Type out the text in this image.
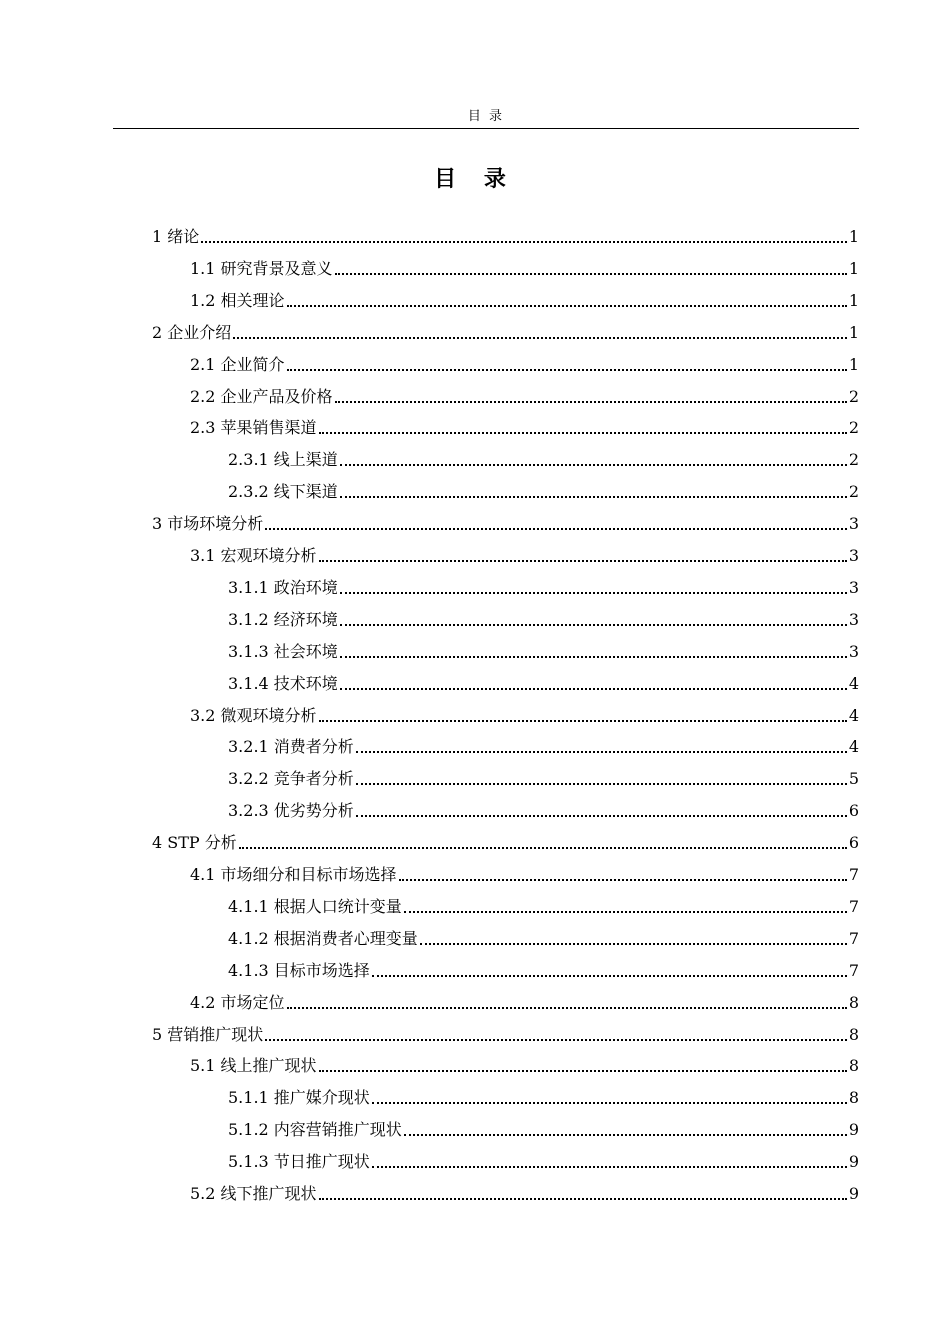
目 录
目 录
1 绪论	1
1.1 研究背景及意义	1
1.2 相关理论	1
2 企业介绍	1
2.1 企业简介	1
2.2 企业产品及价格	2
2.3 苹果销售渠道	2
2.3.1 线上渠道	2
2.3.2 线下渠道	2
3 市场环境分析	3
3.1 宏观环境分析	3
3.1.1 政治环境	3
3.1.2 经济环境	3
3.1.3 社会环境	3
3.1.4 技术环境	4
3.2 微观环境分析	4
3.2.1 消费者分析	4
3.2.2 竞争者分析	5
3.2.3 优劣势分析	6
4 STP 分析	6
4.1 市场细分和目标市场选择	7
4.1.1 根据人口统计变量	7
4.1.2 根据消费者心理变量	7
4.1.3 目标市场选择	7
4.2 市场定位	8
5 营销推广现状	8
5.1 线上推广现状	8
5.1.1 推广媒介现状	8
5.1.2 内容营销推广现状	9
5.1.3 节日推广现状	9
5.2 线下推广现状	9
